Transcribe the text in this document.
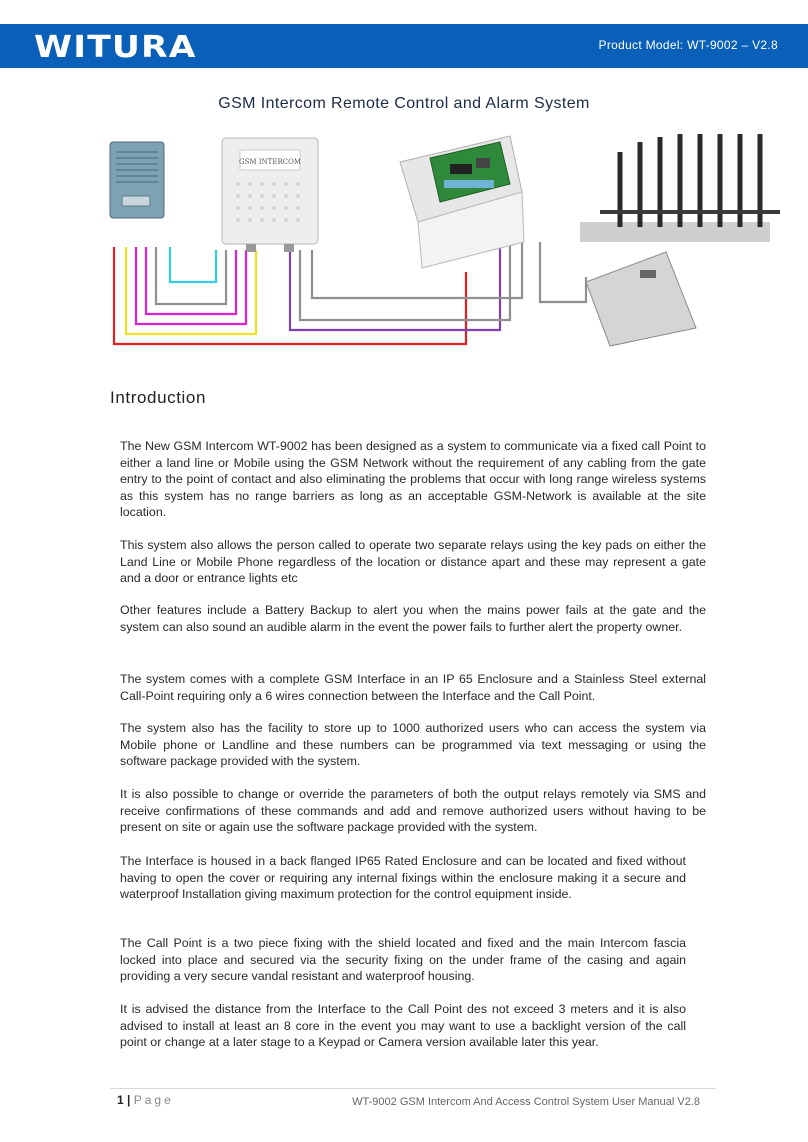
WITURA	Product Model: WT-9002 – V2.8
GSM Intercom Remote Control and Alarm System
GSM INTERCOM
Introduction

The New GSM Intercom WT-9002 has been designed as a system to communicate via a fixed call Point to either a land line or Mobile using the GSM Network without the requirement of any cabling from the gate entry to the point of contact and also eliminating the problems that occur with long range wireless systems as this system has no range barriers as long as an acceptable GSM-Network is available at the site location.

This system also allows the person called to operate two separate relays using the key pads on either the Land Line or Mobile Phone regardless of the location or distance apart and these may represent a gate and a door or entrance lights etc

Other features include a Battery Backup to alert you when the mains power fails at the gate and the system can also sound an audible alarm in the event the power fails to further alert the property owner.

The system comes with a complete GSM Interface in an IP 65 Enclosure and a Stainless Steel external Call-Point requiring only a 6 wires connection between the Interface and the Call Point.

The system also has the facility to store up to 1000 authorized users who can access the system via Mobile phone or Landline and these numbers can be programmed via text messaging or using the software package provided with the system.

It is also possible to change or override the parameters of both the output relays remotely via SMS and receive confirmations of these commands and add and remove authorized users without having to be present on site or again use the software package provided with the system.

The Interface is housed in a back flanged IP65 Rated Enclosure and can be located and fixed without having to open the cover or requiring any internal fixings within the enclosure making it a secure and waterproof Installation giving maximum protection for the control equipment inside.

The Call Point is a two piece fixing with the shield located and fixed and the main Intercom fascia locked into place and secured via the security fixing on the under frame of the casing and again providing a very secure vandal resistant and waterproof housing.

It is advised the distance from the Interface to the Call Point des not exceed 3 meters and it is also advised to install at least an 8 core in the event you may want to use a backlight version of the call point or change at a later stage to a Keypad or Camera version available later this year.

1 | Page	WT-9002 GSM Intercom And Access Control System User Manual V2.8
